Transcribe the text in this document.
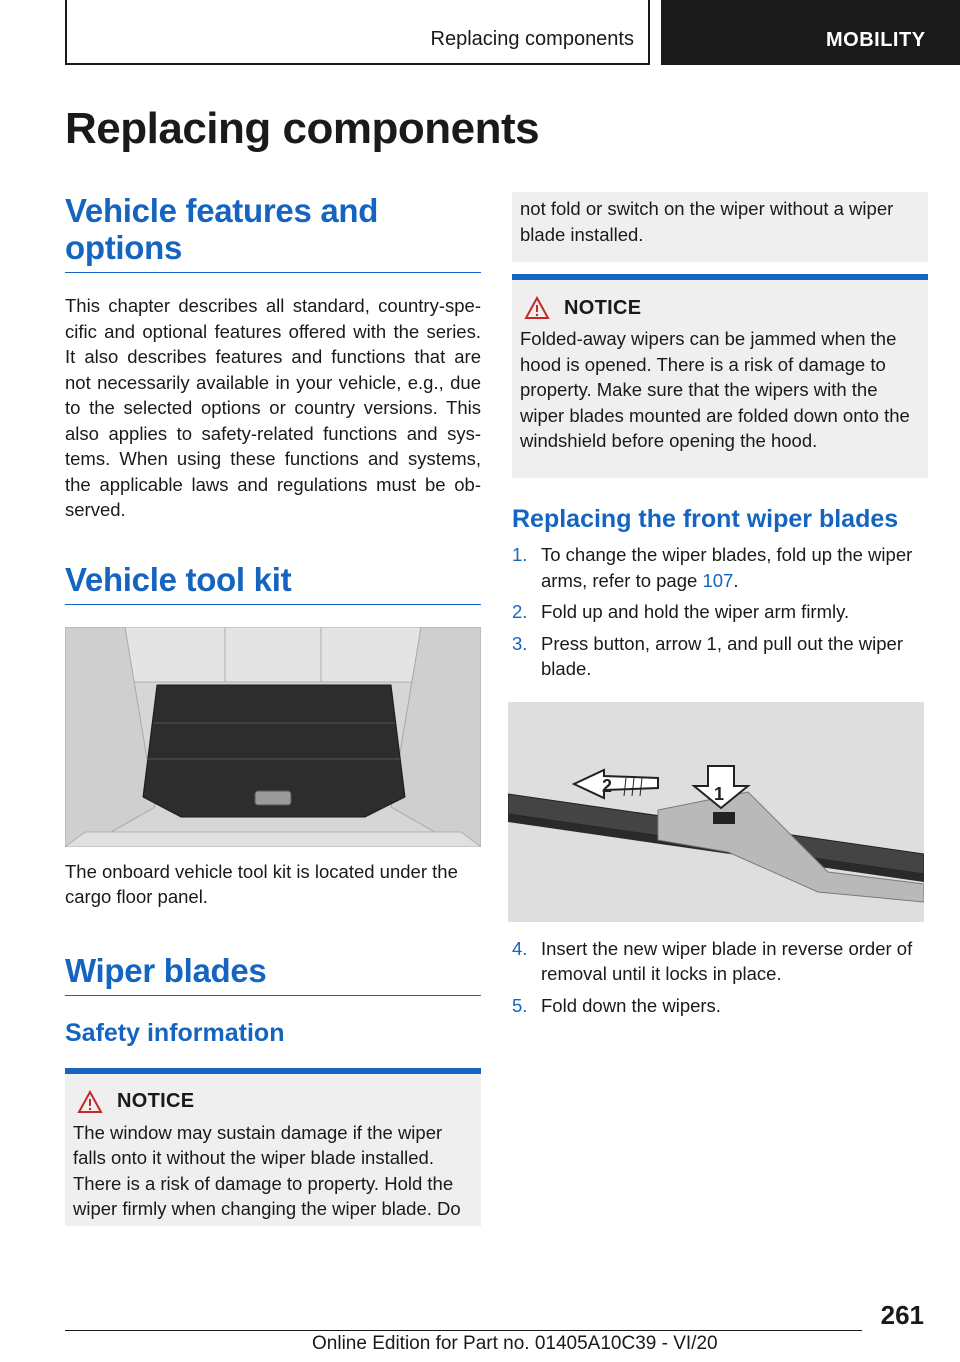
Replacing components	MOBILITY
Replacing components
Vehicle features and
options

This chapter describes all standard, country-spe-cific and optional features offered with the series. It also describes features and functions that are not necessarily available in your vehicle, e.g., due to the selected options or country versions. This also applies to safety-related functions and sys-tems. When using these functions and systems, the applicable laws and regulations must be ob-served.

Vehicle tool kit

The onboard vehicle tool kit is located under the cargo floor panel.

Wiper blades
Safety information
NOTICE

The window may sustain damage if the wiper falls onto it without the wiper blade installed. There is a risk of damage to property. Hold the wiper firmly when changing the wiper blade. Do

not fold or switch on the wiper without a wiper blade installed.

NOTICE

Folded-away wipers can be jammed when the hood is opened. There is a risk of damage to property. Make sure that the wipers with the wiper blades mounted are folded down onto the windshield before opening the hood.

Replacing the front wiper blades
1. To change the wiper blades, fold up the wiper arms, refer to page 107.
2. Fold up and hold the wiper arm firmly.
3. Press button, arrow 1, and pull out the wiper blade.
2	1
4. Insert the new wiper blade in reverse order of removal until it locks in place.
5. Fold down the wipers.
261
Online Edition for Part no. 01405A10C39 - VI/20
